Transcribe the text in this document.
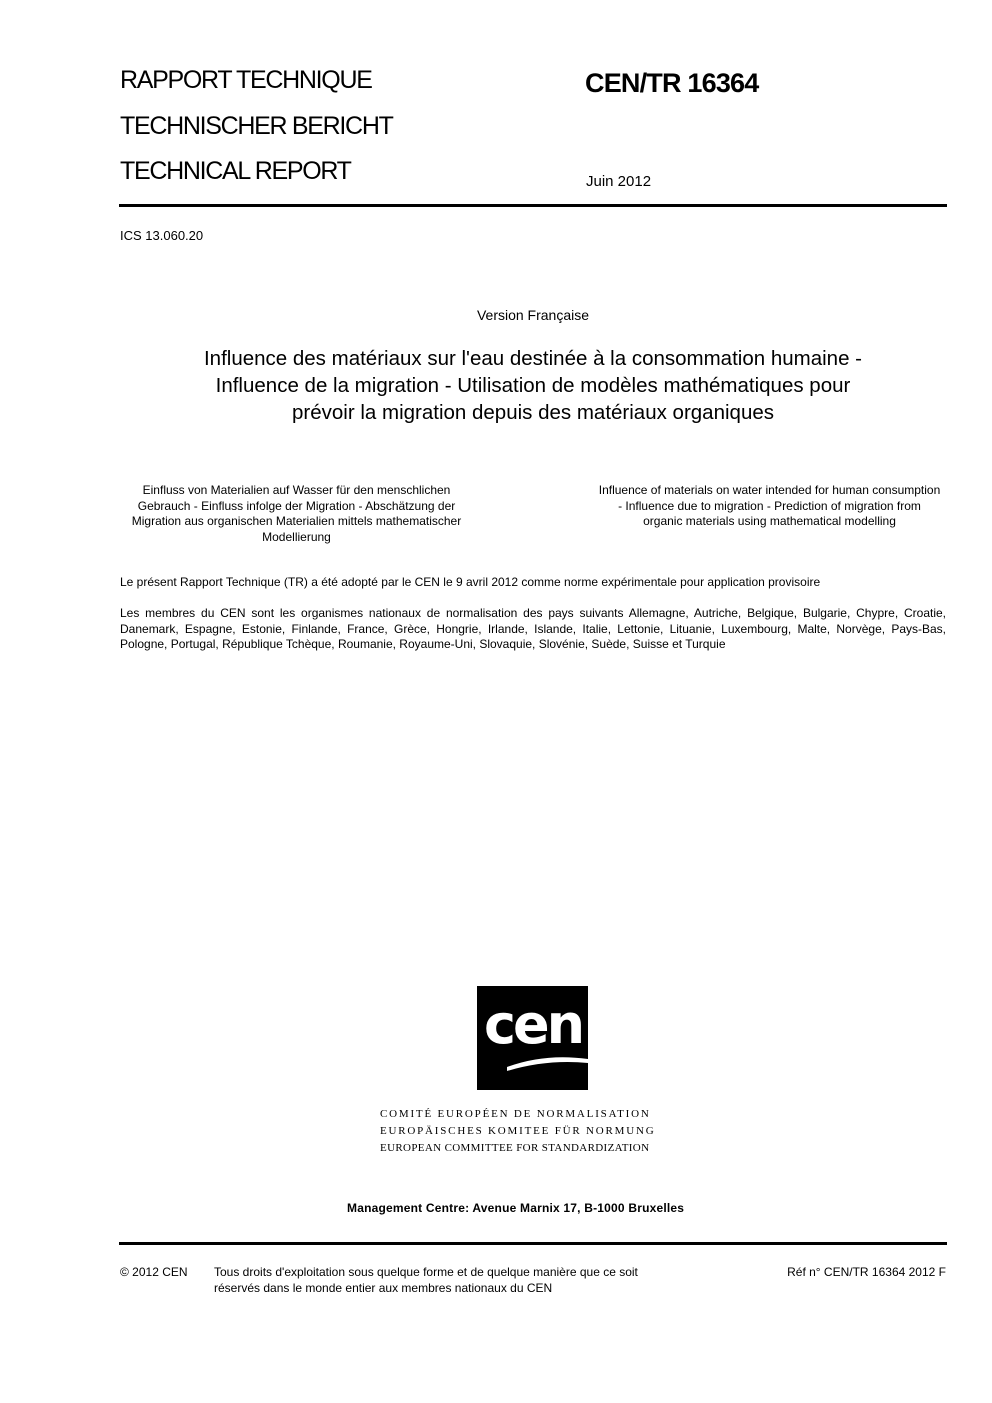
RAPPORT TECHNIQUE
TECHNISCHER BERICHT
TECHNICAL REPORT
CEN/TR 16364
Juin 2012
ICS 13.060.20
Version Française
Influence des matériaux sur l'eau destinée à la consommation humaine - Influence de la migration - Utilisation de modèles mathématiques pour prévoir la migration depuis des matériaux organiques
Einfluss von Materialien auf Wasser für den menschlichen Gebrauch - Einfluss infolge der Migration - Abschätzung der Migration aus organischen Materialien mittels mathematischer Modellierung
Influence of materials on water intended for human consumption - Influence due to migration - Prediction of migration from organic materials using mathematical modelling
Le présent Rapport Technique (TR) a été adopté par le CEN le 9 avril 2012 comme norme expérimentale pour application provisoire
Les membres du CEN sont les organismes nationaux de normalisation des pays suivants Allemagne, Autriche, Belgique, Bulgarie, Chypre, Croatie, Danemark, Espagne, Estonie, Finlande, France, Grèce, Hongrie, Irlande, Islande, Italie, Lettonie, Lituanie, Luxembourg, Malte, Norvège, Pays-Bas, Pologne, Portugal, République Tchèque, Roumanie, Royaume-Uni, Slovaquie, Slovénie, Suède, Suisse et Turquie
cen
COMITÉ EUROPÉEN DE NORMALISATION
EUROPÄISCHES KOMITEE FÜR NORMUNG
EUROPEAN COMMITTEE FOR STANDARDIZATION
Management Centre: Avenue Marnix 17, B-1000 Bruxelles
© 2012 CEN Tous droits d'exploitation sous quelque forme et de quelque manière que ce soit réservés dans le monde entier aux membres nationaux du CEN
Réf n° CEN/TR 16364 2012 F
